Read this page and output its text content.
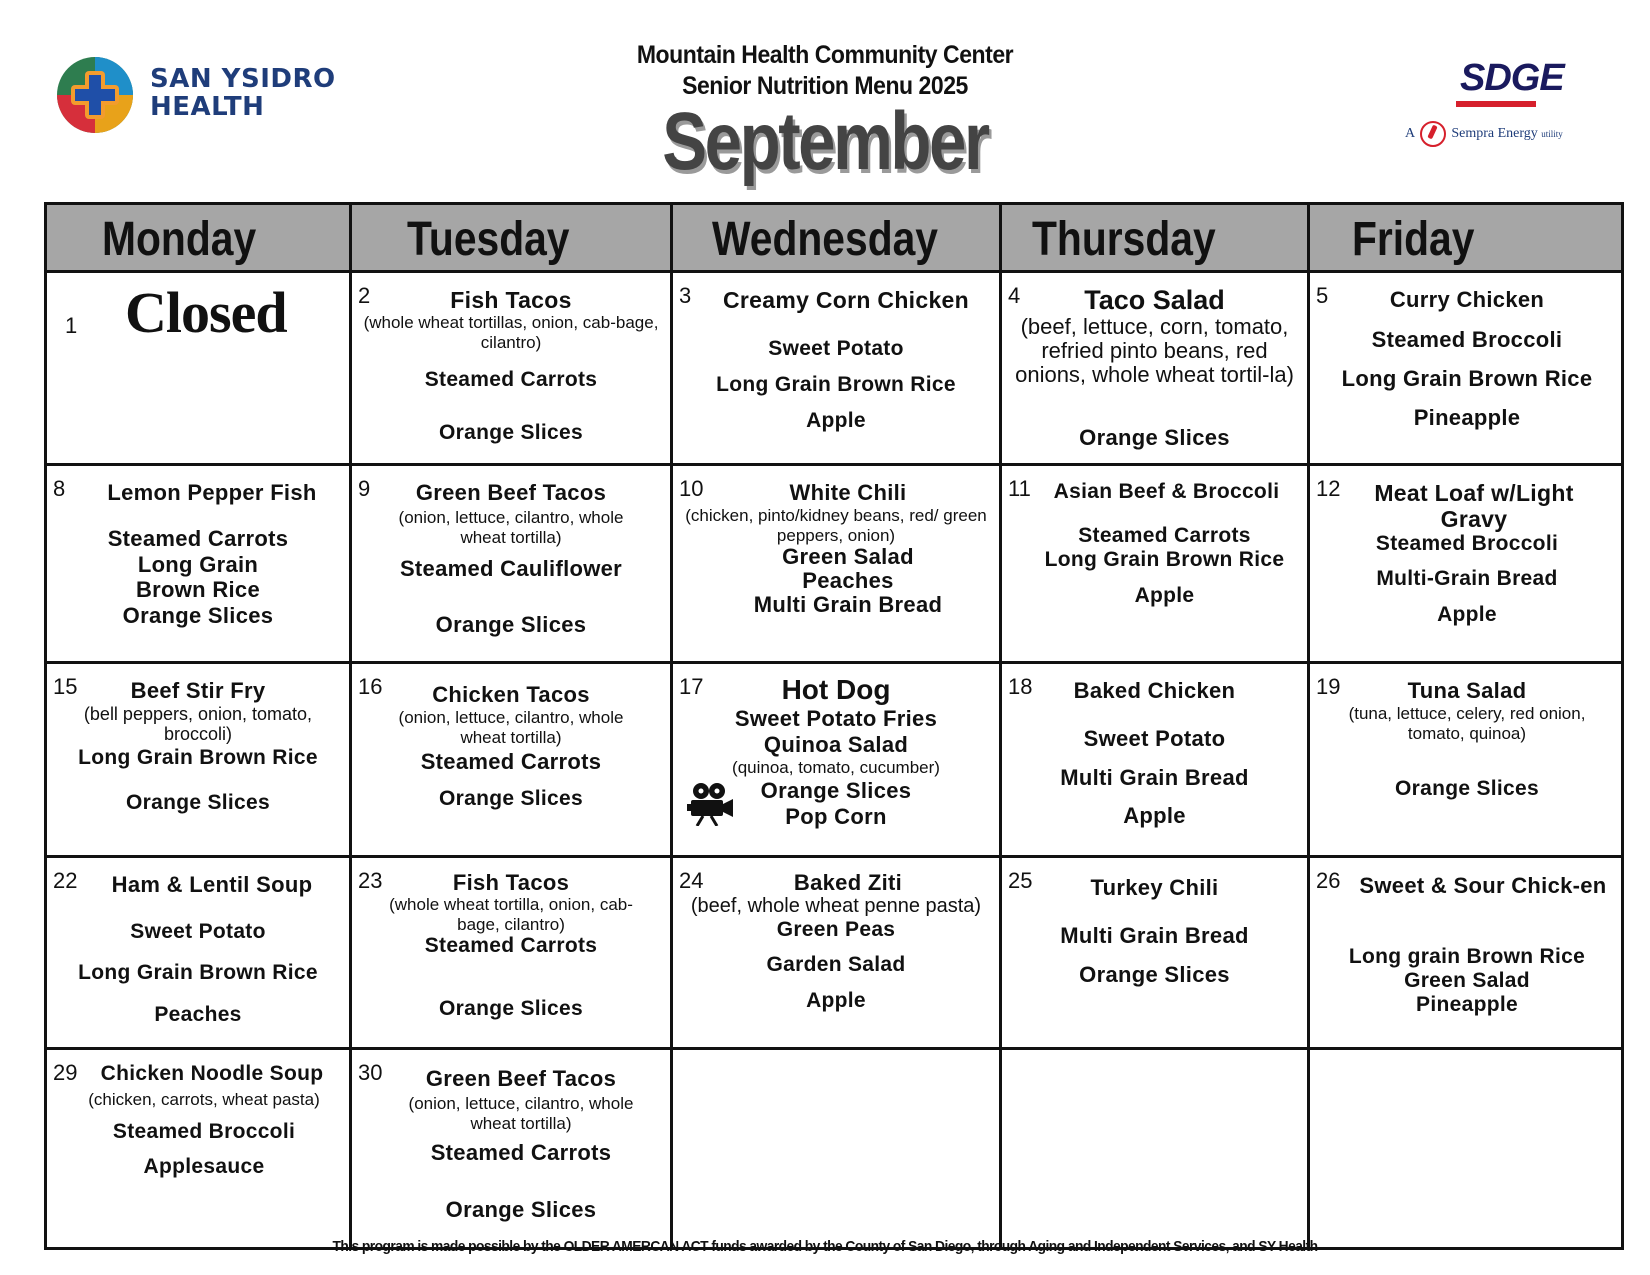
SAN YSIDRO
HEALTH
Mountain Health Community Center
Senior Nutrition Menu 2025
September
SDGE
A	Sempra Energy utility
Monday	Tuesday	Wednesday	Thursday	Friday
1 Closed	2	Fish Tacos
(whole wheat tortillas, onion, cab-bage, cilantro)
Steamed Carrots
Orange Slices
3	Creamy Corn Chicken
Sweet Potato
Long Grain Brown Rice
Apple
4	Taco Salad
(beef, lettuce, corn, tomato, refried pinto beans, red onions, whole wheat tortil-la)
Orange Slices
5	Curry Chicken
Steamed Broccoli
Long Grain Brown Rice
Pineapple
8	Lemon Pepper Fish
Steamed Carrots
Long Grain Brown Rice
Orange Slices
9	Green Beef Tacos
(onion, lettuce, cilantro, whole wheat tortilla)
Steamed Cauliflower
Orange Slices
10	White Chili
(chicken, pinto/kidney beans, red/ green peppers, onion)
Green Salad
Peaches
Multi Grain Bread
11	Asian Beef & Broccoli
Steamed Carrots
Long Grain Brown Rice
Apple
12	Meat Loaf w/Light Gravy
Steamed Broccoli
Multi-Grain Bread
Apple
15	Beef Stir Fry
(bell peppers, onion, tomato, broccoli)
Long Grain Brown Rice
Orange Slices
16	Chicken Tacos
(onion, lettuce, cilantro, whole wheat tortilla)
Steamed Carrots
Orange Slices
17	Hot Dog
Sweet Potato Fries
Quinoa Salad
(quinoa, tomato, cucumber)
Orange Slices
Pop Corn
18	Baked Chicken
Sweet Potato
Multi Grain Bread
Apple
19	Tuna Salad
(tuna, lettuce, celery, red onion, tomato, quinoa)
Orange Slices
22	Ham & Lentil Soup
Sweet Potato
Long Grain Brown Rice
Peaches
23	Fish Tacos
(whole wheat tortilla, onion, cab-bage, cilantro)
Steamed Carrots
Orange Slices
24	Baked Ziti
(beef, whole wheat penne pasta)
Green Peas
Garden Salad
Apple
25	Turkey Chili
Multi Grain Bread
Orange Slices
26 Sweet & Sour Chick-en
Long grain Brown Rice
Green Salad
Pineapple
29	Chicken Noodle Soup
(chicken, carrots, wheat pasta)
Steamed Broccoli
Applesauce
30	Green Beef Tacos
(onion, lettuce, cilantro, whole wheat tortilla)
Steamed Carrots
Orange Slices
This program is made possible by the OLDER AMERCAN ACT funds awarded by the County of San Diego, through Aging and Independent Services, and SY Health
